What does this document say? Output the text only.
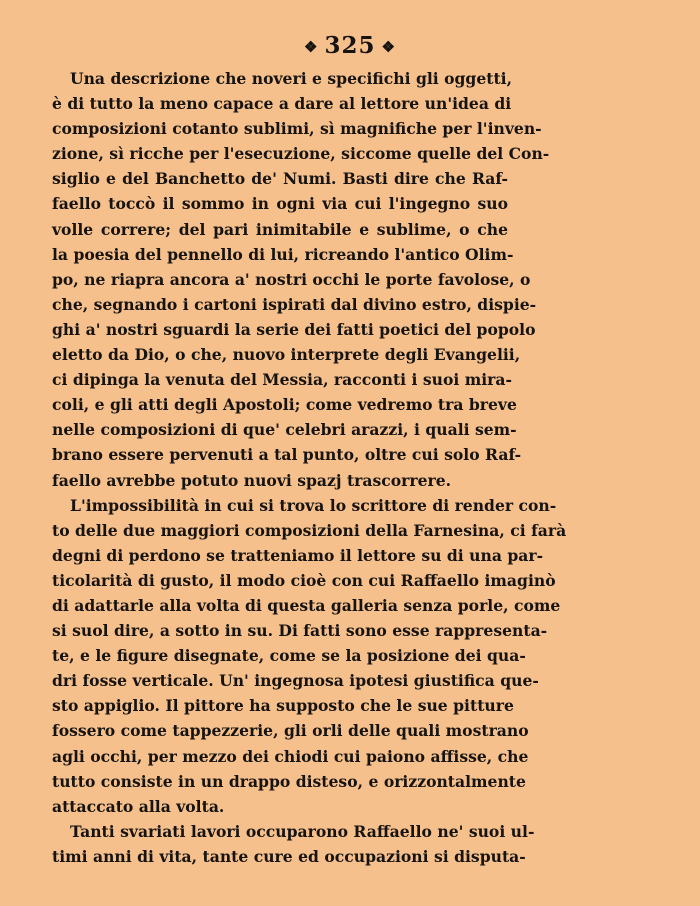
❖ 325 ❖
Una descrizione che noveri e specifichi gli oggetti,
è di tutto la meno capace a dare al lettore un'idea di
composizioni cotanto sublimi, sì magnifiche per l'inven-
zione, sì ricche per l'esecuzione, siccome quelle del Con-
siglio e del Banchetto de' Numi. Basti dire che Raf-
faello toccò il sommo in ogni via cui l'ingegno suo
volle correre; del pari inimitabile e sublime, o che
la poesia del pennello di lui, ricreando l'antico Olim-
po, ne riapra ancora a' nostri occhi le porte favolose, o
che, segnando i cartoni ispirati dal divino estro, dispie-
ghi a' nostri sguardi la serie dei fatti poetici del popolo
eletto da Dio, o che, nuovo interprete degli Evangelii,
ci dipinga la venuta del Messia, racconti i suoi mira-
coli, e gli atti degli Apostoli; come vedremo tra breve
nelle composizioni di que' celebri arazzi, i quali sem-
brano essere pervenuti a tal punto, oltre cui solo Raf-
faello avrebbe potuto nuovi spazj trascorrere.
L'impossibilità in cui si trova lo scrittore di render con-
to delle due maggiori composizioni della Farnesina, ci farà
degni di perdono se tratteniamo il lettore su di una par-
ticolarità di gusto, il modo cioè con cui Raffaello imaginò
di adattarle alla volta di questa galleria senza porle, come
si suol dire, a sotto in su. Di fatti sono esse rappresenta-
te, e le figure disegnate, come se la posizione dei qua-
dri fosse verticale. Un' ingegnosa ipotesi giustifica que-
sto appiglio. Il pittore ha supposto che le sue pitture
fossero come tappezzerie, gli orli delle quali mostrano
agli occhi, per mezzo dei chiodi cui paiono affisse, che
tutto consiste in un drappo disteso, e orizzontalmente
attaccato alla volta.
Tanti svariati lavori occuparono Raffaello ne' suoi ul-
timi anni di vita, tante cure ed occupazioni si disputa-
